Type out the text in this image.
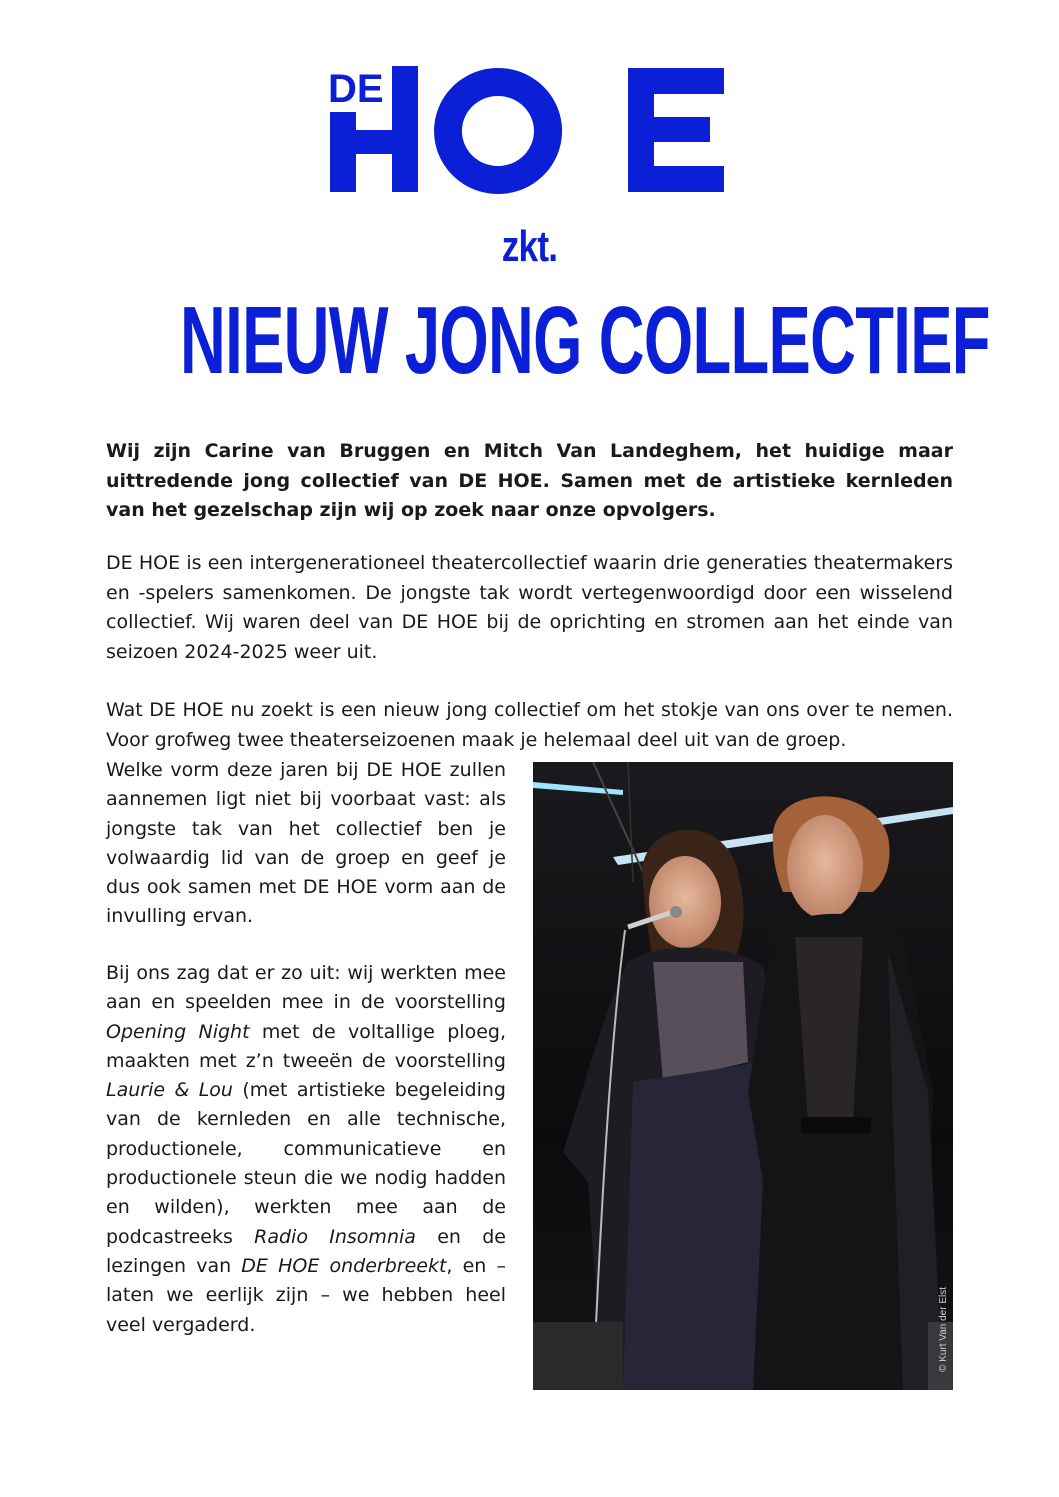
DE
zkt.
NIEUW JONG COLLECTIEF

Wij zijn Carine van Bruggen en Mitch Van Landeghem, het huidige maar uittredende jong collectief van DE HOE. Samen met de artistieke kernleden van het gezelschap zijn wij op zoek naar onze opvolgers.

DE HOE is een intergenerationeel theatercollectief waarin drie generaties theatermakers en -spelers samenkomen. De jongste tak wordt vertegenwoordigd door een wisselend collectief. Wij waren deel van DE HOE bij de oprichting en stromen aan het einde van seizoen 2024-2025 weer uit.

Wat DE HOE nu zoekt is een nieuw jong collectief om het stokje van ons over te nemen. Voor grofweg twee theaterseizoenen maak je helemaal deel uit van de groep.

Welke vorm deze jaren bij DE HOE zullen aannemen ligt niet bij voorbaat vast: als jongste tak van het collectief ben je volwaardig lid van de groep en geef je dus ook samen met DE HOE vorm aan de invulling ervan.

Bij ons zag dat er zo uit: wij werkten mee aan en speelden mee in de voorstelling Opening Night met de voltallige ploeg, maakten met z’n tweeën de voorstelling Laurie & Lou (met artistieke begeleiding van de kernleden en alle technische, productionele, communicatieve en productionele steun die we nodig hadden en wilden), werkten mee aan de podcastreeks Radio Insomnia en de lezingen van DE HOE onderbreekt, en – laten we eerlijk zijn – we hebben heel veel vergaderd.	© Kurt Van der Elst
